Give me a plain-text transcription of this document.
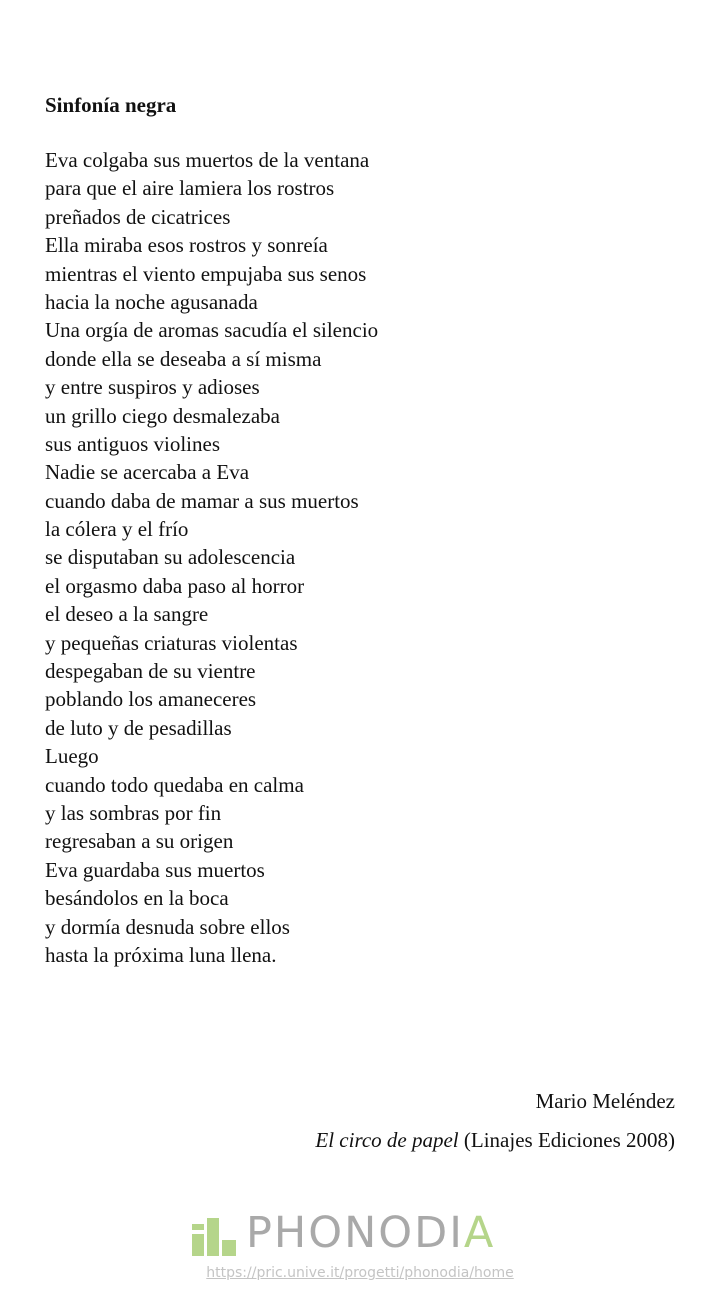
Sinfonía negra
Eva colgaba sus muertos de la ventana
para que el aire lamiera los rostros
preñados de cicatrices
Ella miraba esos rostros y sonreía
mientras el viento empujaba sus senos
hacia la noche agusanada
Una orgía de aromas sacudía el silencio
donde ella se deseaba a sí misma
y entre suspiros y adioses
un grillo ciego desmalezaba
sus antiguos violines
Nadie se acercaba a Eva
cuando daba de mamar a sus muertos
la cólera y el frío
se disputaban su adolescencia
el orgasmo daba paso al horror
el deseo a la sangre
y pequeñas criaturas violentas
despegaban de su vientre
poblando los amaneceres
de luto y de pesadillas
Luego
cuando todo quedaba en calma
y las sombras por fin
regresaban a su origen
Eva guardaba sus muertos
besándolos en la boca
y dormía desnuda sobre ellos
hasta la próxima luna llena.
Mario Meléndez
El circo de papel (Linajes Ediciones 2008)
PHONODIA
https://pric.unive.it/progetti/phonodia/home
